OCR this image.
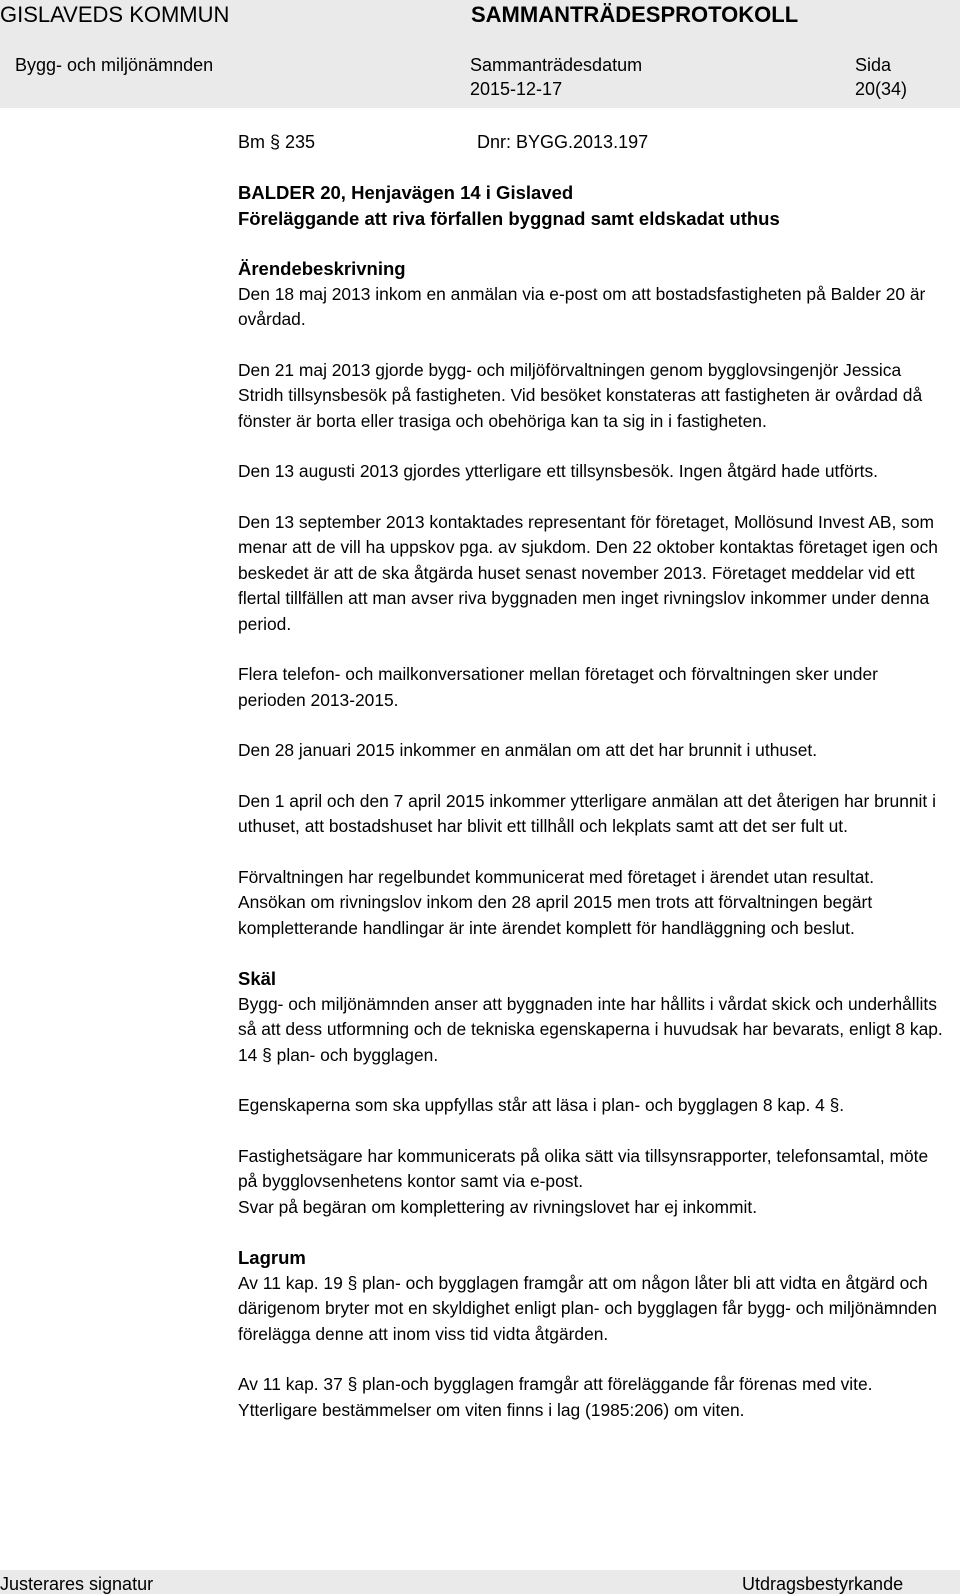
GISLAVEDS KOMMUN	SAMMANTRÄDESPROTOKOLL

Bygg- och miljönämnden	Sammanträdesdatum	Sida

2015-12-17	20(34)

Bm § 235	Dnr: BYGG.2013.197

BALDER 20, Henjavägen 14 i Gislaved

Föreläggande att riva förfallen byggnad samt eldskadat uthus

Ärendebeskrivning

Den 18 maj 2013 inkom en anmälan via e-post om att bostadsfastigheten på Balder 20 är ovårdad.

Den 21 maj 2013 gjorde bygg- och miljöförvaltningen genom bygglovsingenjör Jessica Stridh tillsynsbesök på fastigheten. Vid besöket konstateras att fastigheten är ovårdad då fönster är borta eller trasiga och obehöriga kan ta sig in i fastigheten.

Den 13 augusti 2013 gjordes ytterligare ett tillsynsbesök. Ingen åtgärd hade utförts.

Den 13 september 2013 kontaktades representant för företaget, Mollösund Invest AB, som menar att de vill ha uppskov pga. av sjukdom. Den 22 oktober kontaktas företaget igen och beskedet är att de ska åtgärda huset senast november 2013. Företaget meddelar vid ett flertal tillfällen att man avser riva byggnaden men inget rivningslov inkommer under denna period.

Flera telefon- och mailkonversationer mellan företaget och förvaltningen sker under perioden 2013-2015.

Den 28 januari 2015 inkommer en anmälan om att det har brunnit i uthuset.

Den 1 april och den 7 april 2015 inkommer ytterligare anmälan att det återigen har brunnit i uthuset, att bostadshuset har blivit ett tillhåll och lekplats samt att det ser fult ut.

Förvaltningen har regelbundet kommunicerat med företaget i ärendet utan resultat. Ansökan om rivningslov inkom den 28 april 2015 men trots att förvaltningen begärt kompletterande handlingar är inte ärendet komplett för handläggning och beslut.

Skäl

Bygg- och miljönämnden anser att byggnaden inte har hållits i vårdat skick och underhållits så att dess utformning och de tekniska egenskaperna i huvudsak har bevarats, enligt 8 kap. 14 § plan- och bygglagen.

Egenskaperna som ska uppfyllas står att läsa i plan- och bygglagen 8 kap. 4 §.

Fastighetsägare har kommunicerats på olika sätt via tillsynsrapporter, telefonsamtal, möte på bygglovsenhetens kontor samt via e-post.

Svar på begäran om komplettering av rivningslovet har ej inkommit.

Lagrum

Av 11 kap. 19 § plan- och bygglagen framgår att om någon låter bli att vidta en åtgärd och därigenom bryter mot en skyldighet enligt plan- och bygglagen får bygg- och miljönämnden förelägga denne att inom viss tid vidta åtgärden.

Av 11 kap. 37 § plan-och bygglagen framgår att föreläggande får förenas med vite. Ytterligare bestämmelser om viten finns i lag (1985:206) om viten.

Justerares signatur	Utdragsbestyrkande
